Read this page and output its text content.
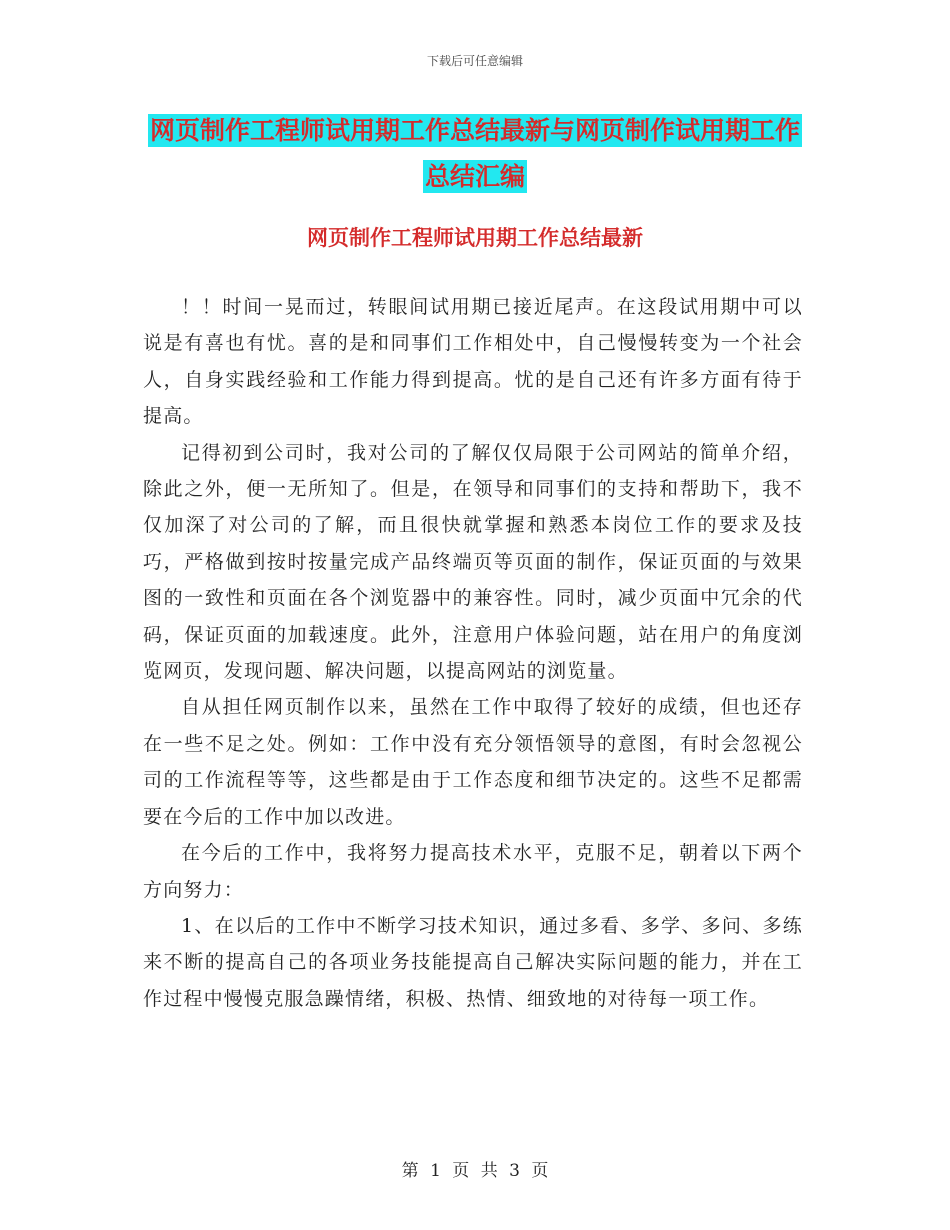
下载后可任意编辑
网页制作工程师试用期工作总结最新与网页制作试用期工作总结汇编
网页制作工程师试用期工作总结最新

！！时间一晃而过，转眼间试用期已接近尾声。在这段试用期中可以说是有喜也有忧。喜的是和同事们工作相处中，自己慢慢转变为一个社会人，自身实践经验和工作能力得到提高。忧的是自己还有许多方面有待于提高。

记得初到公司时，我对公司的了解仅仅局限于公司网站的简单介绍，除此之外，便一无所知了。但是，在领导和同事们的支持和帮助下，我不仅加深了对公司的了解，而且很快就掌握和熟悉本岗位工作的要求及技巧，严格做到按时按量完成产品终端页等页面的制作，保证页面的与效果图的一致性和页面在各个浏览器中的兼容性。同时，减少页面中冗余的代码，保证页面的加载速度。此外，注意用户体验问题，站在用户的角度浏览网页，发现问题、解决问题，以提高网站的浏览量。

自从担任网页制作以来，虽然在工作中取得了较好的成绩，但也还存在一些不足之处。例如：工作中没有充分领悟领导的意图，有时会忽视公司的工作流程等等，这些都是由于工作态度和细节决定的。这些不足都需要在今后的工作中加以改进。

在今后的工作中，我将努力提高技术水平，克服不足，朝着以下两个方向努力：

1、在以后的工作中不断学习技术知识，通过多看、多学、多问、多练来不断的提高自己的各项业务技能提高自己解决实际问题的能力，并在工作过程中慢慢克服急躁情绪，积极、热情、细致地的对待每一项工作。

第 1 页 共 3 页
